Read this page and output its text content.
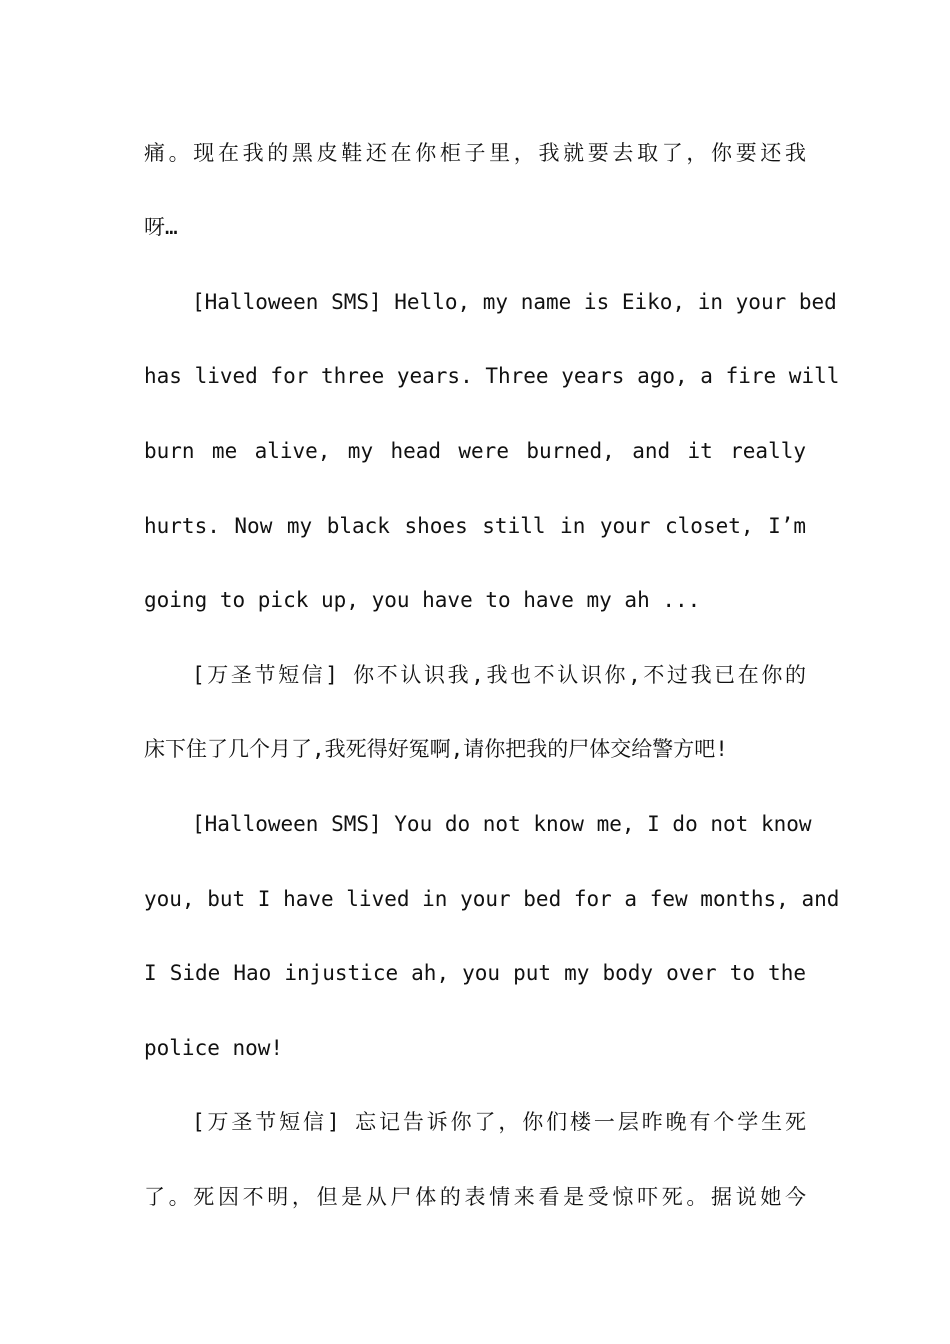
痛。现在我的黑皮鞋还在你柜子里，我就要去取了，你要还我
呀…
[Halloween SMS] Hello, my name is Eiko, in your bed
has lived for three years. Three years ago, a fire will
burn me alive, my head were burned, and it really
hurts. Now my black shoes still in your closet, I’m
going to pick up, you have to have my ah ...
[万圣节短信] 你不认识我,我也不认识你,不过我已在你的
床下住了几个月了,我死得好冤啊,请你把我的尸体交给警方吧!
[Halloween SMS] You do not know me, I do not know
you, but I have lived in your bed for a few months, and
I Side Hao injustice ah, you put my body over to the
police now!
[万圣节短信] 忘记告诉你了，你们楼一层昨晚有个学生死
了。死因不明，但是从尸体的表情来看是受惊吓死。据说她今
